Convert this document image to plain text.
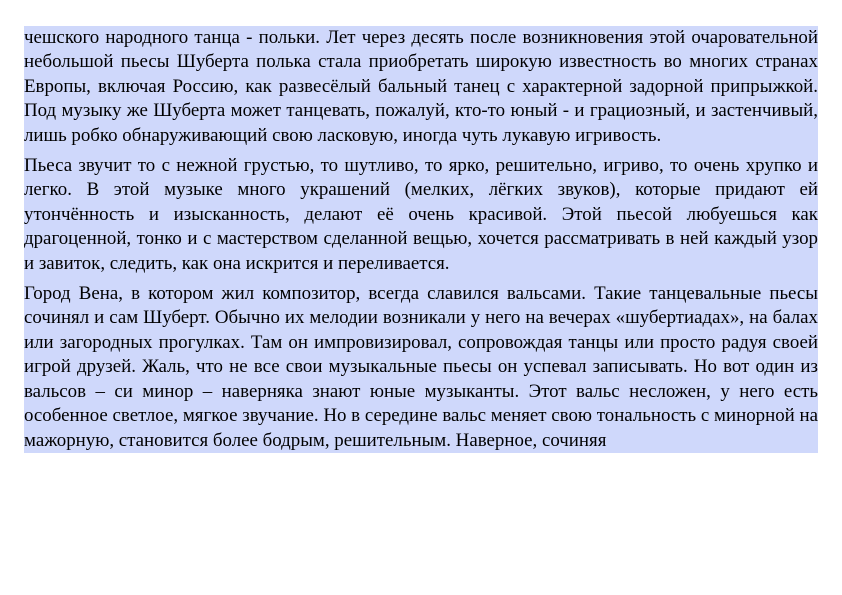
чешского народного танца - польки. Лет через десять после возникновения этой очаровательной небольшой пьесы Шуберта полька стала приобретать широкую известность во многих странах Европы, включая Россию, как развесёлый бальный танец с характерной задорной припрыжкой. Под музыку же Шуберта может танцевать, пожалуй, кто-то юный - и грациозный, и застенчивый, лишь робко обнаруживающий свою ласковую, иногда чуть лукавую игривость.

Пьеса звучит то с нежной грустью, то шутливо, то ярко, решительно, игриво, то очень хрупко и легко. В этой музыке много украшений (мелких, лёгких звуков), которые придают ей утончённость и изысканность, делают её очень красивой. Этой пьесой любуешься как драгоценной, тонко и с мастерством сделанной вещью, хочется рассматривать в ней каждый узор и завиток, следить, как она искрится и переливается.

Город Вена, в котором жил композитор, всегда славился вальсами. Такие танцевальные пьесы сочинял и сам Шуберт. Обычно их мелодии возникали у него на вечерах «шубертиадах», на балах или загородных прогулках. Там он импровизировал, сопровождая танцы или просто радуя своей игрой друзей. Жаль, что не все свои музыкальные пьесы он успевал записывать. Но вот один из вальсов – си минор – наверняка знают юные музыканты. Этот вальс несложен, у него есть особенное светлое, мягкое звучание. Но в середине вальс меняет свою тональность с минорной на мажорную, становится более бодрым, решительным. Наверное, сочиняя
